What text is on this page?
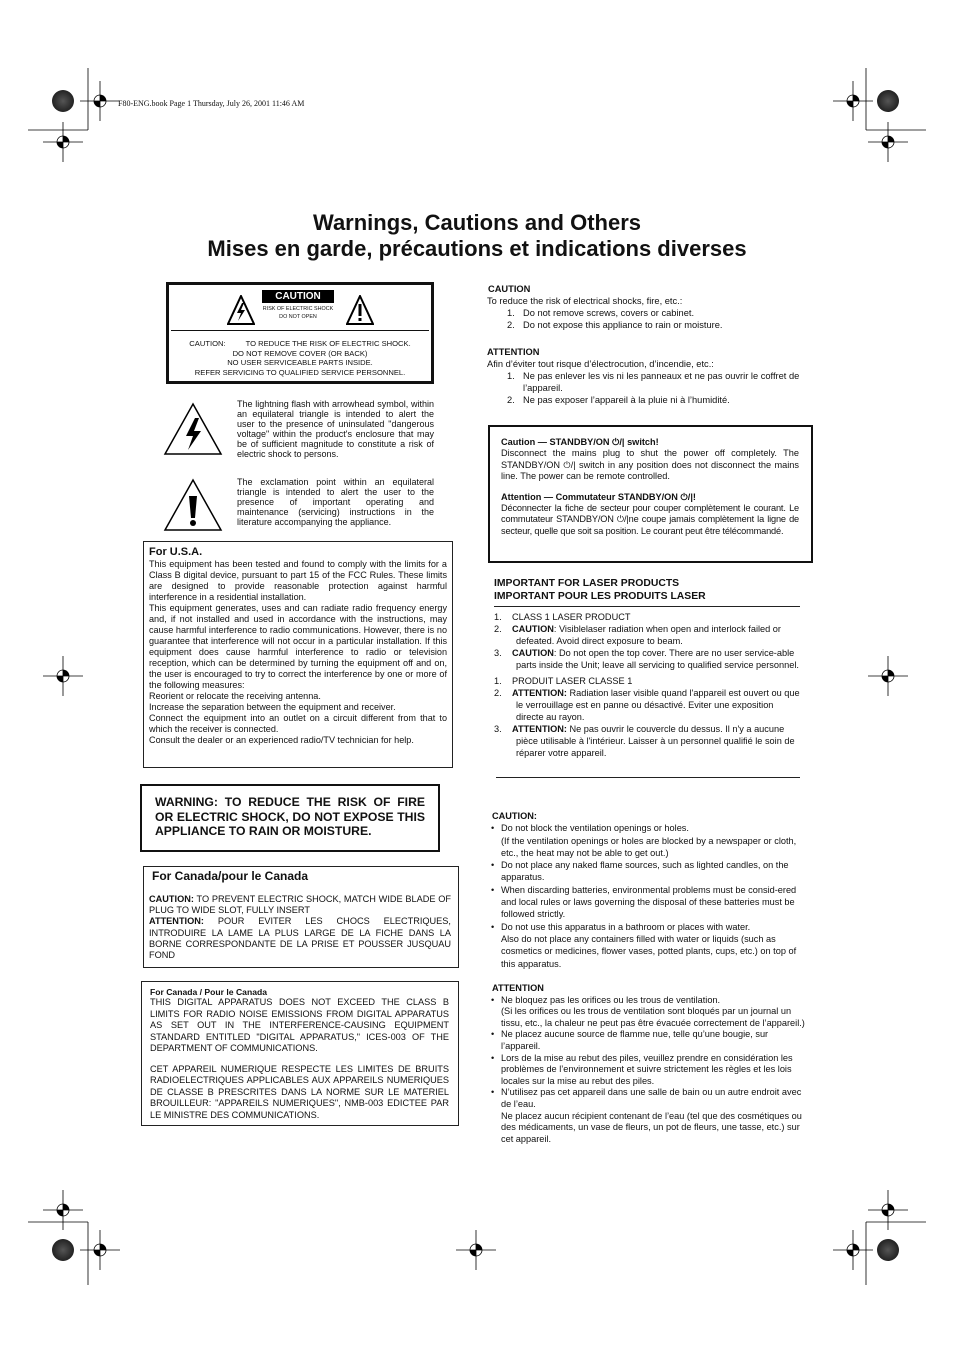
F80-ENG.book Page 1 Thursday, July 26, 2001 11:46 AM
Warnings, Cautions and Others
Mises en garde, précautions et indications diverses
CAUTION
RISK OF ELECTRIC SHOCK
DO NOT OPEN
CAUTION:	TO REDUCE THE RISK OF ELECTRIC SHOCK.
DO NOT REMOVE COVER (OR BACK)
NO USER SERVICEABLE PARTS INSIDE.
REFER SERVICING TO QUALIFIED SERVICE PERSONNEL.
The lightning flash with arrowhead symbol, within an equilateral triangle is intended to alert the user to the presence of uninsulated "dangerous voltage" within the product's enclosure that may be of sufficient magnitude to constitute a risk of electric shock to persons.
The exclamation point within an equilateral triangle is intended to alert the user to the presence of important operating and maintenance (servicing) instructions in the literature accompanying the appliance.
For U.S.A.

This equipment has been tested and found to comply with the limits for a Class B digital device, pursuant to part 15 of the FCC Rules. These limits are designed to provide reasonable protection against harmful interference in a residential installation.

This equipment generates, uses and can radiate radio frequency energy and, if not installed and used in accordance with the instructions, may cause harmful interference to radio communications. However, there is no guarantee that interference will not occur in a particular installation. If this equipment does cause harmful interference to radio or television reception, which can be determined by turning the equipment off and on, the user is encouraged to try to correct the interference by one or more of the following measures:

Reorient or relocate the receiving antenna.

Increase the separation between the equipment and receiver.

Connect the equipment into an outlet on a circuit different from that to which the receiver is connected.

Consult the dealer or an experienced radio/TV technician for help.

WARNING: TO REDUCE THE RISK OF FIRE OR ELECTRIC SHOCK, DO NOT EXPOSE THIS APPLIANCE TO RAIN OR MOISTURE.
For Canada/pour le Canada

CAUTION: TO PREVENT ELECTRIC SHOCK, MATCH WIDE BLADE OF PLUG TO WIDE SLOT, FULLY INSERT

ATTENTION: POUR EVITER LES CHOCS ELECTRIQUES, INTRODUIRE LA LAME LA PLUS LARGE DE LA FICHE DANS LA BORNE CORRESPONDANTE DE LA PRISE ET POUSSER JUSQUAU FOND

For Canada / Pour le Canada

THIS DIGITAL APPARATUS DOES NOT EXCEED THE CLASS B LIMITS FOR RADIO NOISE EMISSIONS FROM DIGITAL APPARATUS AS SET OUT IN THE INTERFERENCE-CAUSING EQUIPMENT STANDARD ENTITLED "DIGITAL APPARATUS," ICES-003 OF THE DEPARTMENT OF COMMUNICATIONS.

CET APPAREIL NUMERIQUE RESPECTE LES LIMITES DE BRUITS RADIOELECTRIQUES APPLICABLES AUX APPAREILS NUMERIQUES DE CLASSE B PRESCRITES DANS LA NORME SUR LE MATERIEL BROUILLEUR: "APPAREILS NUMERIQUES", NMB-003 EDICTEE PAR LE MINISTRE DES COMMUNICATIONS.

CAUTION
To reduce the risk of electrical shocks, fire, etc.:
1. Do not remove screws, covers or cabinet.
2. Do not expose this appliance to rain or moisture.
ATTENTION
Afin d’éviter tout risque d’électrocution, d’incendie, etc.:
1. Ne pas enlever les vis ni les panneaux et ne pas ouvrir le coffret de l’appareil.
2. Ne pas exposer l’appareil à la pluie ni à l’humidité.
Caution — STANDBY/ON ⏻/| switch!

Disconnect the mains plug to shut the power off completely. The STANDBY/ON ⏻/| switch in any position does not disconnect the mains line. The power can be remote controlled.

Attention — Commutateur STANDBY/ON ⏻/|!

Déconnecter la fiche de secteur pour couper complètement le courant. Le commutateur STANDBY/ON ⏻/|ne coupe jamais complètement la ligne de secteur, quelle que soit sa position. Le courant peut être télécommandé.

IMPORTANT FOR LASER PRODUCTS
IMPORTANT POUR LES PRODUITS LASER
1. CLASS 1 LASER PRODUCT
2. CAUTION: Visiblelaser radiation when open and interlock failed or defeated. Avoid direct exposure to beam.
3. CAUTION: Do not open the top cover. There are no user service-able parts inside the Unit; leave all servicing to qualified service personnel.
1. PRODUIT LASER CLASSE 1
2. ATTENTION: Radiation laser visible quand l'appareil est ouvert ou que le verrouillage est en panne ou désactivé. Eviter une exposition directe au rayon.
3. ATTENTION: Ne pas ouvrir le couvercle du dessus. Il n'y a aucune pièce utilisable à l'intérieur. Laisser à un personnel qualifié le soin de réparer votre appareil.
CAUTION:
• Do not block the ventilation openings or holes.
(If the ventilation openings or holes are blocked by a newspaper or cloth, etc., the heat may not be able to get out.)
• Do not place any naked flame sources, such as lighted candles, on the apparatus.
• When discarding batteries, environmental problems must be consid-ered and local rules or laws governing the disposal of these batteries must be followed strictly.
• Do not use this apparatus in a bathroom or places with water.
Also do not place any containers filled with water or liquids (such as cosmetics or medicines, flower vases, potted plants, cups, etc.) on top of this apparatus.
ATTENTION
• Ne bloquez pas les orifices ou les trous de ventilation.
(Si les orifices ou les trous de ventilation sont bloqués par un journal un tissu, etc., la chaleur ne peut pas être évacuée correctement de l’appareil.)
• Ne placez aucune source de flamme nue, telle qu’une bougie, sur l’appareil.
• Lors de la mise au rebut des piles, veuillez prendre en considération les problèmes de l’environnement et suivre strictement les règles et les lois locales sur la mise au rebut des piles.
• N’utilisez pas cet appareil dans une salle de bain ou un autre endroit avec de l’eau.
Ne placez aucun récipient contenant de l’eau (tel que des cosmétiques ou des médicaments, un vase de fleurs, un pot de fleurs, une tasse, etc.) sur cet appareil.
